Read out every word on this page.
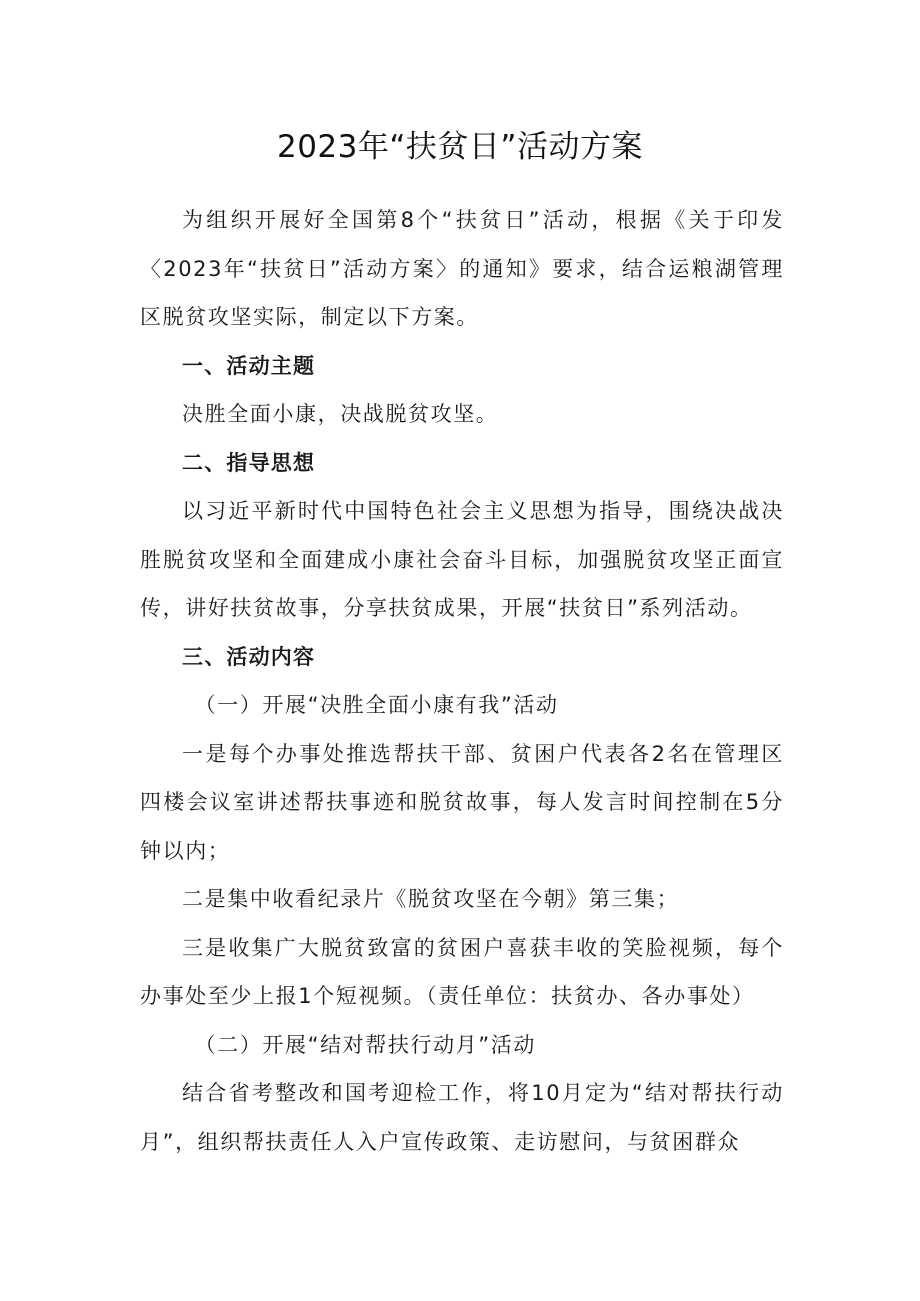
2023年“扶贫日”活动方案

为组织开展好全国第8个“扶贫日”活动，根据《关于印发〈2023年“扶贫日”活动方案〉的通知》要求，结合运粮湖管理区脱贫攻坚实际，制定以下方案。

一、活动主题

决胜全面小康，决战脱贫攻坚。

二、指导思想

以习近平新时代中国特色社会主义思想为指导，围绕决战决胜脱贫攻坚和全面建成小康社会奋斗目标，加强脱贫攻坚正面宣传，讲好扶贫故事，分享扶贫成果，开展“扶贫日”系列活动。

三、活动内容

（一）开展“决胜全面小康有我”活动

一是每个办事处推选帮扶干部、贫困户代表各2名在管理区四楼会议室讲述帮扶事迹和脱贫故事，每人发言时间控制在5分钟以内；

二是集中收看纪录片《脱贫攻坚在今朝》第三集；

三是收集广大脱贫致富的贫困户喜获丰收的笑脸视频，每个办事处至少上报1个短视频。（责任单位：扶贫办、各办事处）

（二）开展“结对帮扶行动月”活动

结合省考整改和国考迎检工作，将10月定为“结对帮扶行动月”，组织帮扶责任人入户宣传政策、走访慰问，与贫困群众
